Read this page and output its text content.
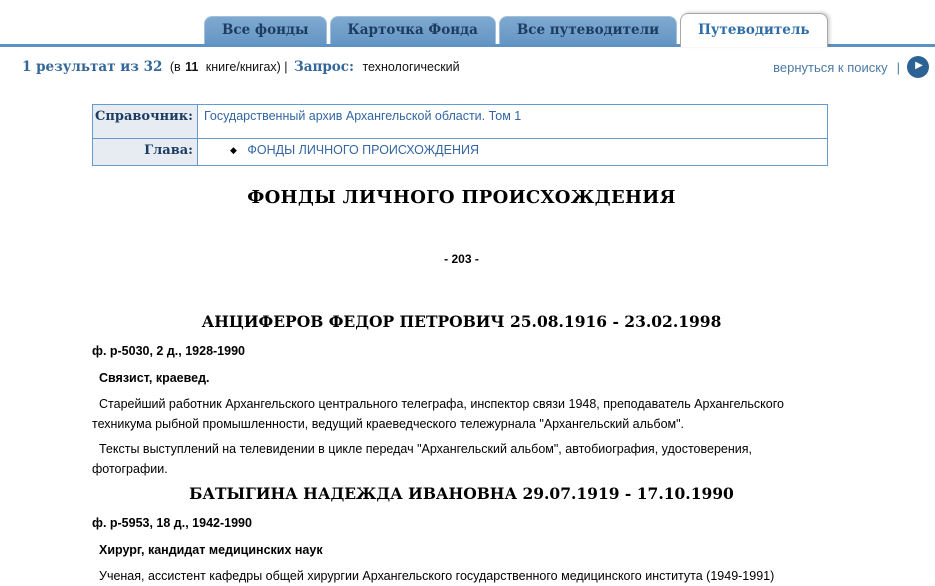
Все фонды	Карточка Фонда	Все путеводители	Путеводитель
1 результат из 32 (в 11 книге/книгах) | Запрос: технологический	вернуться к поиску |	▶
Справочник:	Государственный архив Архангельской области. Том 1
Глава:	◆ ФОНДЫ ЛИЧНОГО ПРОИСХОЖДЕНИЯ
ФОНДЫ ЛИЧНОГО ПРОИСХОЖДЕНИЯ
- 203 -
АНЦИФЕРОВ ФЕДОР ПЕТРОВИЧ 25.08.1916 - 23.02.1998
ф. р-5030, 2 д., 1928-1990
Связист, краевед.

Старейший работник Архангельского центрального телеграфа, инспектор связи 1948, преподаватель Архангельского техникума рыбной промышленности, ведущий краеведческого тележурнала "Архангельский альбом".

Тексты выступлений на телевидении в цикле передач "Архангельский альбом", автобиография, удостоверения, фотографии.

БАТЫГИНА НАДЕЖДА ИВАНОВНА 29.07.1919 - 17.10.1990
ф. р-5953, 18 д., 1942-1990
Хирург, кандидат медицинских наук

Ученая, ассистент кафедры общей хирургии Архангельского государственного медицинского института (1949-1991)
